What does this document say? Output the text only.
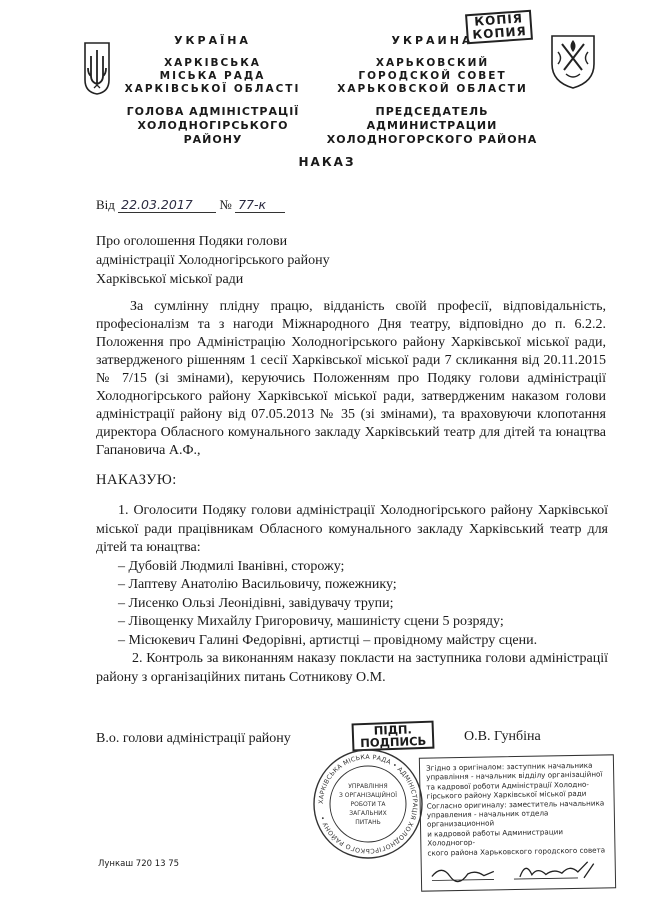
УКРАЇНА
ХАРКІВСЬКА
МІСЬКА РАДА
ХАРКІВСЬКОЇ ОБЛАСТІ
ГОЛОВА АДМІНІСТРАЦІЇ
ХОЛОДНОГІРСЬКОГО РАЙОНУ
УКРАИНА
ХАРЬКОВСКИЙ
ГОРОДСКОЙ СОВЕТ
ХАРЬКОВСКОЙ ОБЛАСТИ
ПРЕДСЕДАТЕЛЬ АДМИНИСТРАЦИИ
ХОЛОДНОГОРСКОГО РАЙОНА
КОПІЯ
КОПИЯ
НАКАЗ
Від 22.03.2017 № 77-к
Про оголошення Подяки голови
адміністрації Холодногірського району
Харківської міської ради
За сумлінну плідну працю, відданість своїй професії, відповідальність, професіоналізм та з нагоди Міжнародного Дня театру, відповідно до п. 6.2.2. Положення про Адміністрацію Холодногірського району Харківської міської ради, затвердженого рішенням 1 сесії Харківської міської ради 7 скликання від 20.11.2015 № 7/15 (зі змінами), керуючись Положенням про Подяку голови адміністрації Холодногірського району Харківської міської ради, затвердженим наказом голови адміністрації району від 07.05.2013 № 35 (зі змінами), та враховуючи клопотання директора Обласного комунального закладу Харківський театр для дітей та юнацтва Гапановича А.Ф.,
НАКАЗУЮ:
1. Оголосити Подяку голови адміністрації Холодногірського району Харківської міської ради працівникам Обласного комунального закладу Харківський театр для дітей та юнацтва:
– Дубовій Людмилі Іванівні, сторожу;
– Лаптеву Анатолію Васильовичу, пожежнику;
– Лисенко Ользі Леонідівні, завідувачу трупи;
– Лівощенку Михайлу Григоровичу, машиністу сцени 5 розряду;
– Місюкевич Галині Федорівні, артистці – провідному майстру сцени.
2. Контроль за виконанням наказу покласти на заступника голови адміністрації району з організаційних питань Сотникову О.М.
В.о. голови адміністрації району
ПІДП.
ПОДПИСЬ	О.В. Гунбіна
ХАРКІВСЬКА МІСЬКА РАДА • АДМІНІСТРАЦІЯ ХОЛОДНОГІРСЬКОГО РАЙОНУ •
УПРАВЛІННЯ
З ОРГАНІЗАЦІЙНОЇ
РОБОТИ ТА
ЗАГАЛЬНИХ
ПИТАНЬ
Згідно з оригіналом: заступник начальника
управління - начальник відділу організаційної
та кадрової роботи Адміністрації Холодно-
гірського району Харківської міської ради
Согласно оригиналу: заместитель начальника
управления - начальник отдела организационной
и кадровой работы Администрации Холодногор-
ского района Харьковского городского совета
Лункаш 720 13 75
